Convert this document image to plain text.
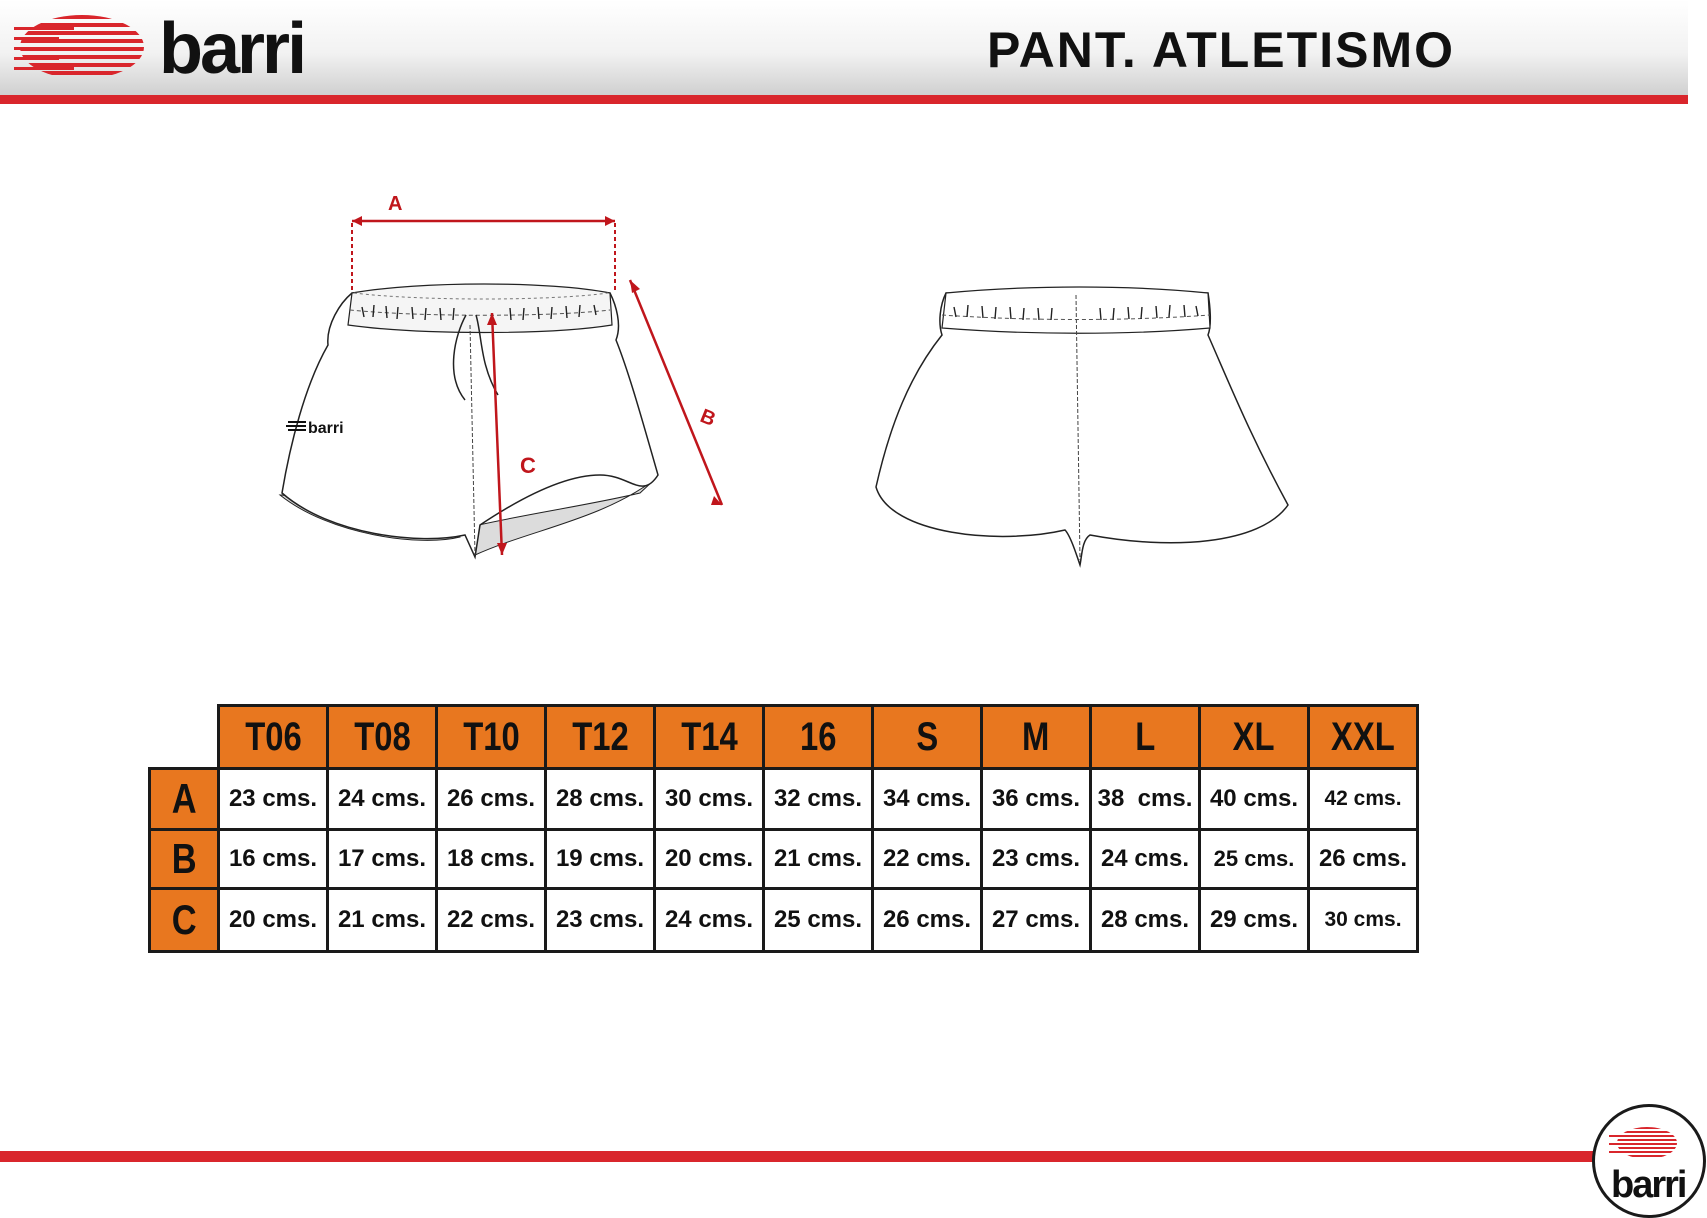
barri	PANT. ATLETISMO
barri
A
B
C
	T06	T08	T10	T12	T14	16	S	M	L	XL	XXL
A	23 cms.	24 cms.	26 cms.	28 cms.	30 cms.	32 cms.	34 cms.	36 cms.	38  cms.	40 cms.	42 cms.
B	16 cms.	17 cms.	18 cms.	19 cms.	20 cms.	21 cms.	22 cms.	23 cms.	24 cms.	25 cms.	26 cms.
C	20 cms.	21 cms.	22 cms.	23 cms.	24 cms.	25 cms.	26 cms.	27 cms.	28 cms.	29 cms.	30 cms.
barri
